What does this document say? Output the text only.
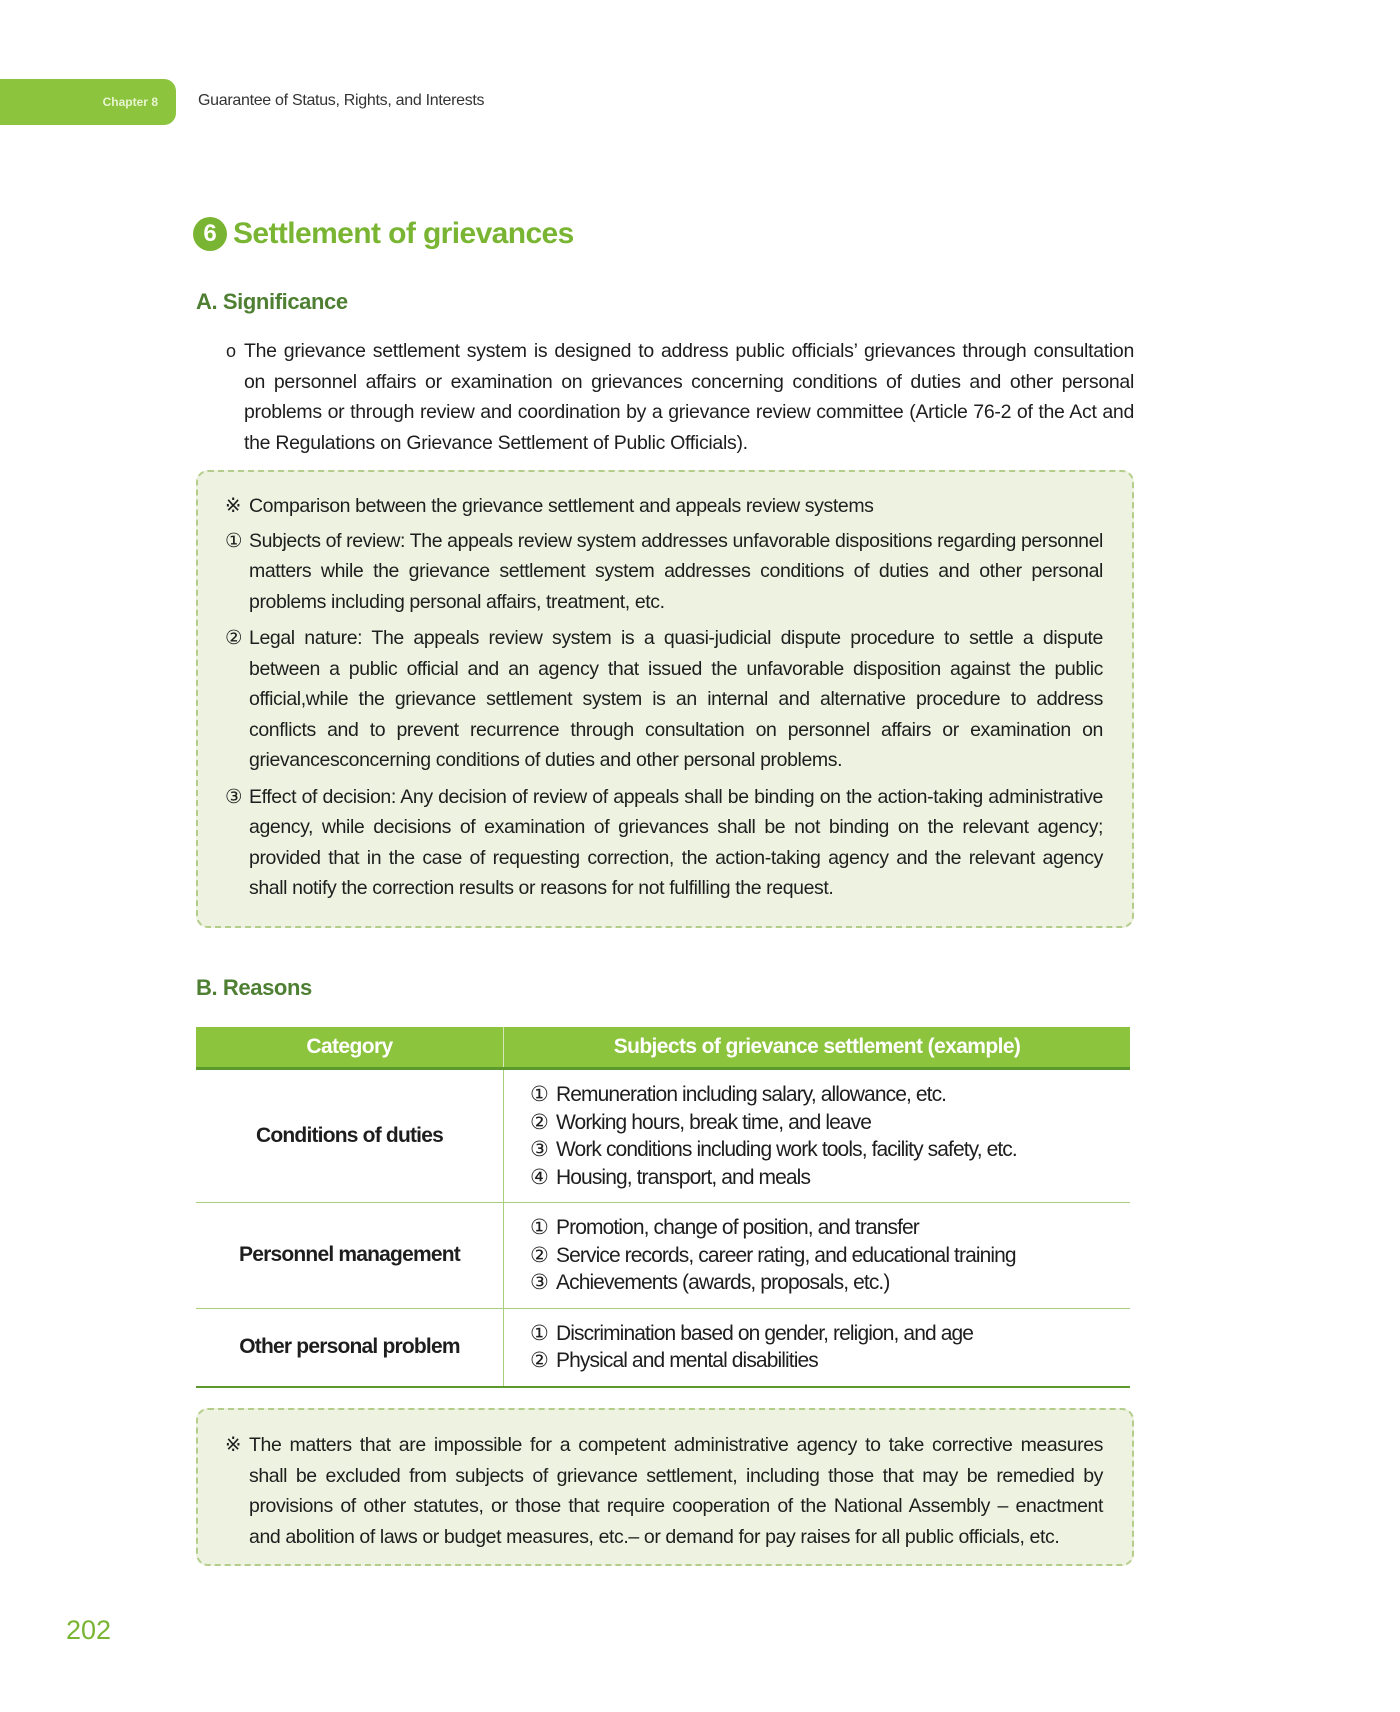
Chapter 8	Guarantee of Status, Rights, and Interests
6 Settlement of grievances
A. Significance
o The grievance settlement system is designed to address public officials’ grievances through consultation on personnel affairs or examination on grievances concerning conditions of duties and other personal problems or through review and coordination by a grievance review committee (Article 76-2 of the Act and the Regulations on Grievance Settlement of Public Officials).
※ Comparison between the grievance settlement and appeals review systems
① Subjects of review: The appeals review system addresses unfavorable dispositions regarding personnel matters while the grievance settlement system addresses conditions of duties and other personal problems including personal affairs, treatment, etc.
② Legal nature: The appeals review system is a quasi-judicial dispute procedure to settle a dispute between a public official and an agency that issued the unfavorable disposition against the public official,while the grievance settlement system is an internal and alternative procedure to address conflicts and to prevent recurrence through consultation on personnel affairs or examination on grievancesconcerning conditions of duties and other personal problems.
③ Effect of decision: Any decision of review of appeals shall be binding on the action-taking administrative agency, while decisions of examination of grievances shall be not binding on the relevant agency; provided that in the case of requesting correction, the action-taking agency and the relevant agency shall notify the correction results or reasons for not fulfilling the request.
B. Reasons
Category	Subjects of grievance settlement (example)
Conditions of duties	① Remuneration including salary, allowance, etc.
② Working hours, break time, and leave
③ Work conditions including work tools, facility safety, etc.
④ Housing, transport, and meals

Personnel management	① Promotion, change of position, and transfer
② Service records, career rating, and educational training
③ Achievements (awards, proposals, etc.)

Other personal problem	① Discrimination based on gender, religion, and age
② Physical and mental disabilities
※ The matters that are impossible for a competent administrative agency to take corrective measures shall be excluded from subjects of grievance settlement, including those that may be remedied by provisions of other statutes, or those that require cooperation of the National Assembly – enactment and abolition of laws or budget measures, etc.– or demand for pay raises for all public officials, etc.
202
